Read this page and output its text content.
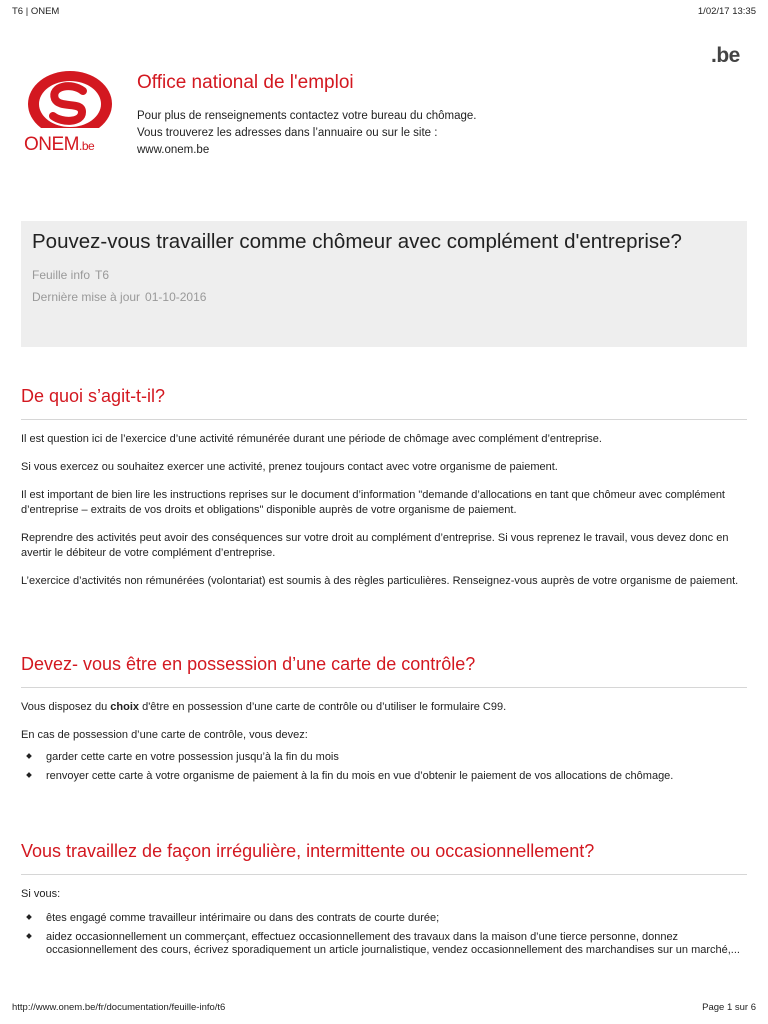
T6 | ONEM	1/02/17 13:35
ONEM.be
.be
Office national de l'emploi
Pour plus de renseignements contactez votre bureau du chômage.
Vous trouverez les adresses dans l’annuaire ou sur le site :
www.onem.be
Pouvez-vous travailler comme chômeur avec complément d'entreprise?
Feuille info T6
Dernière mise à jour 01-10-2016
De quoi s’agit-t-il?

Il est question ici de l’exercice d’une activité rémunérée durant une période de chômage avec complément d’entreprise.

Si vous exercez ou souhaitez exercer une activité, prenez toujours contact avec votre organisme de paiement.

Il est important de bien lire les instructions reprises sur le document d’information "demande d’allocations en tant que chômeur avec complément d’entreprise – extraits de vos droits et obligations" disponible auprès de votre organisme de paiement.

Reprendre des activités peut avoir des conséquences sur votre droit au complément d’entreprise. Si vous reprenez le travail, vous devez donc en avertir le débiteur de votre complément d’entreprise.

L’exercice d’activités non rémunérées (volontariat) est soumis à des règles particulières. Renseignez-vous auprès de votre organisme de paiement.

Devez- vous être en possession d’une carte de contrôle?

Vous disposez du choix d'être en possession d’une carte de contrôle ou d’utiliser le formulaire C99.

En cas de possession d’une carte de contrôle, vous devez:

garder cette carte en votre possession jusqu’à la fin du mois
renvoyer cette carte à votre organisme de paiement à la fin du mois en vue d’obtenir le paiement de vos allocations de chômage.
Vous travaillez de façon irrégulière, intermittente ou occasionnellement?

Si vous:

êtes engagé comme travailleur intérimaire ou dans des contrats de courte durée;
aidez occasionnellement un commerçant, effectuez occasionnellement des travaux dans la maison d’une tierce personne, donnez occasionnellement des cours, écrivez sporadiquement un article journalistique, vendez occasionnellement des marchandises sur un marché,...
http://www.onem.be/fr/documentation/feuille-info/t6	Page 1 sur 6
